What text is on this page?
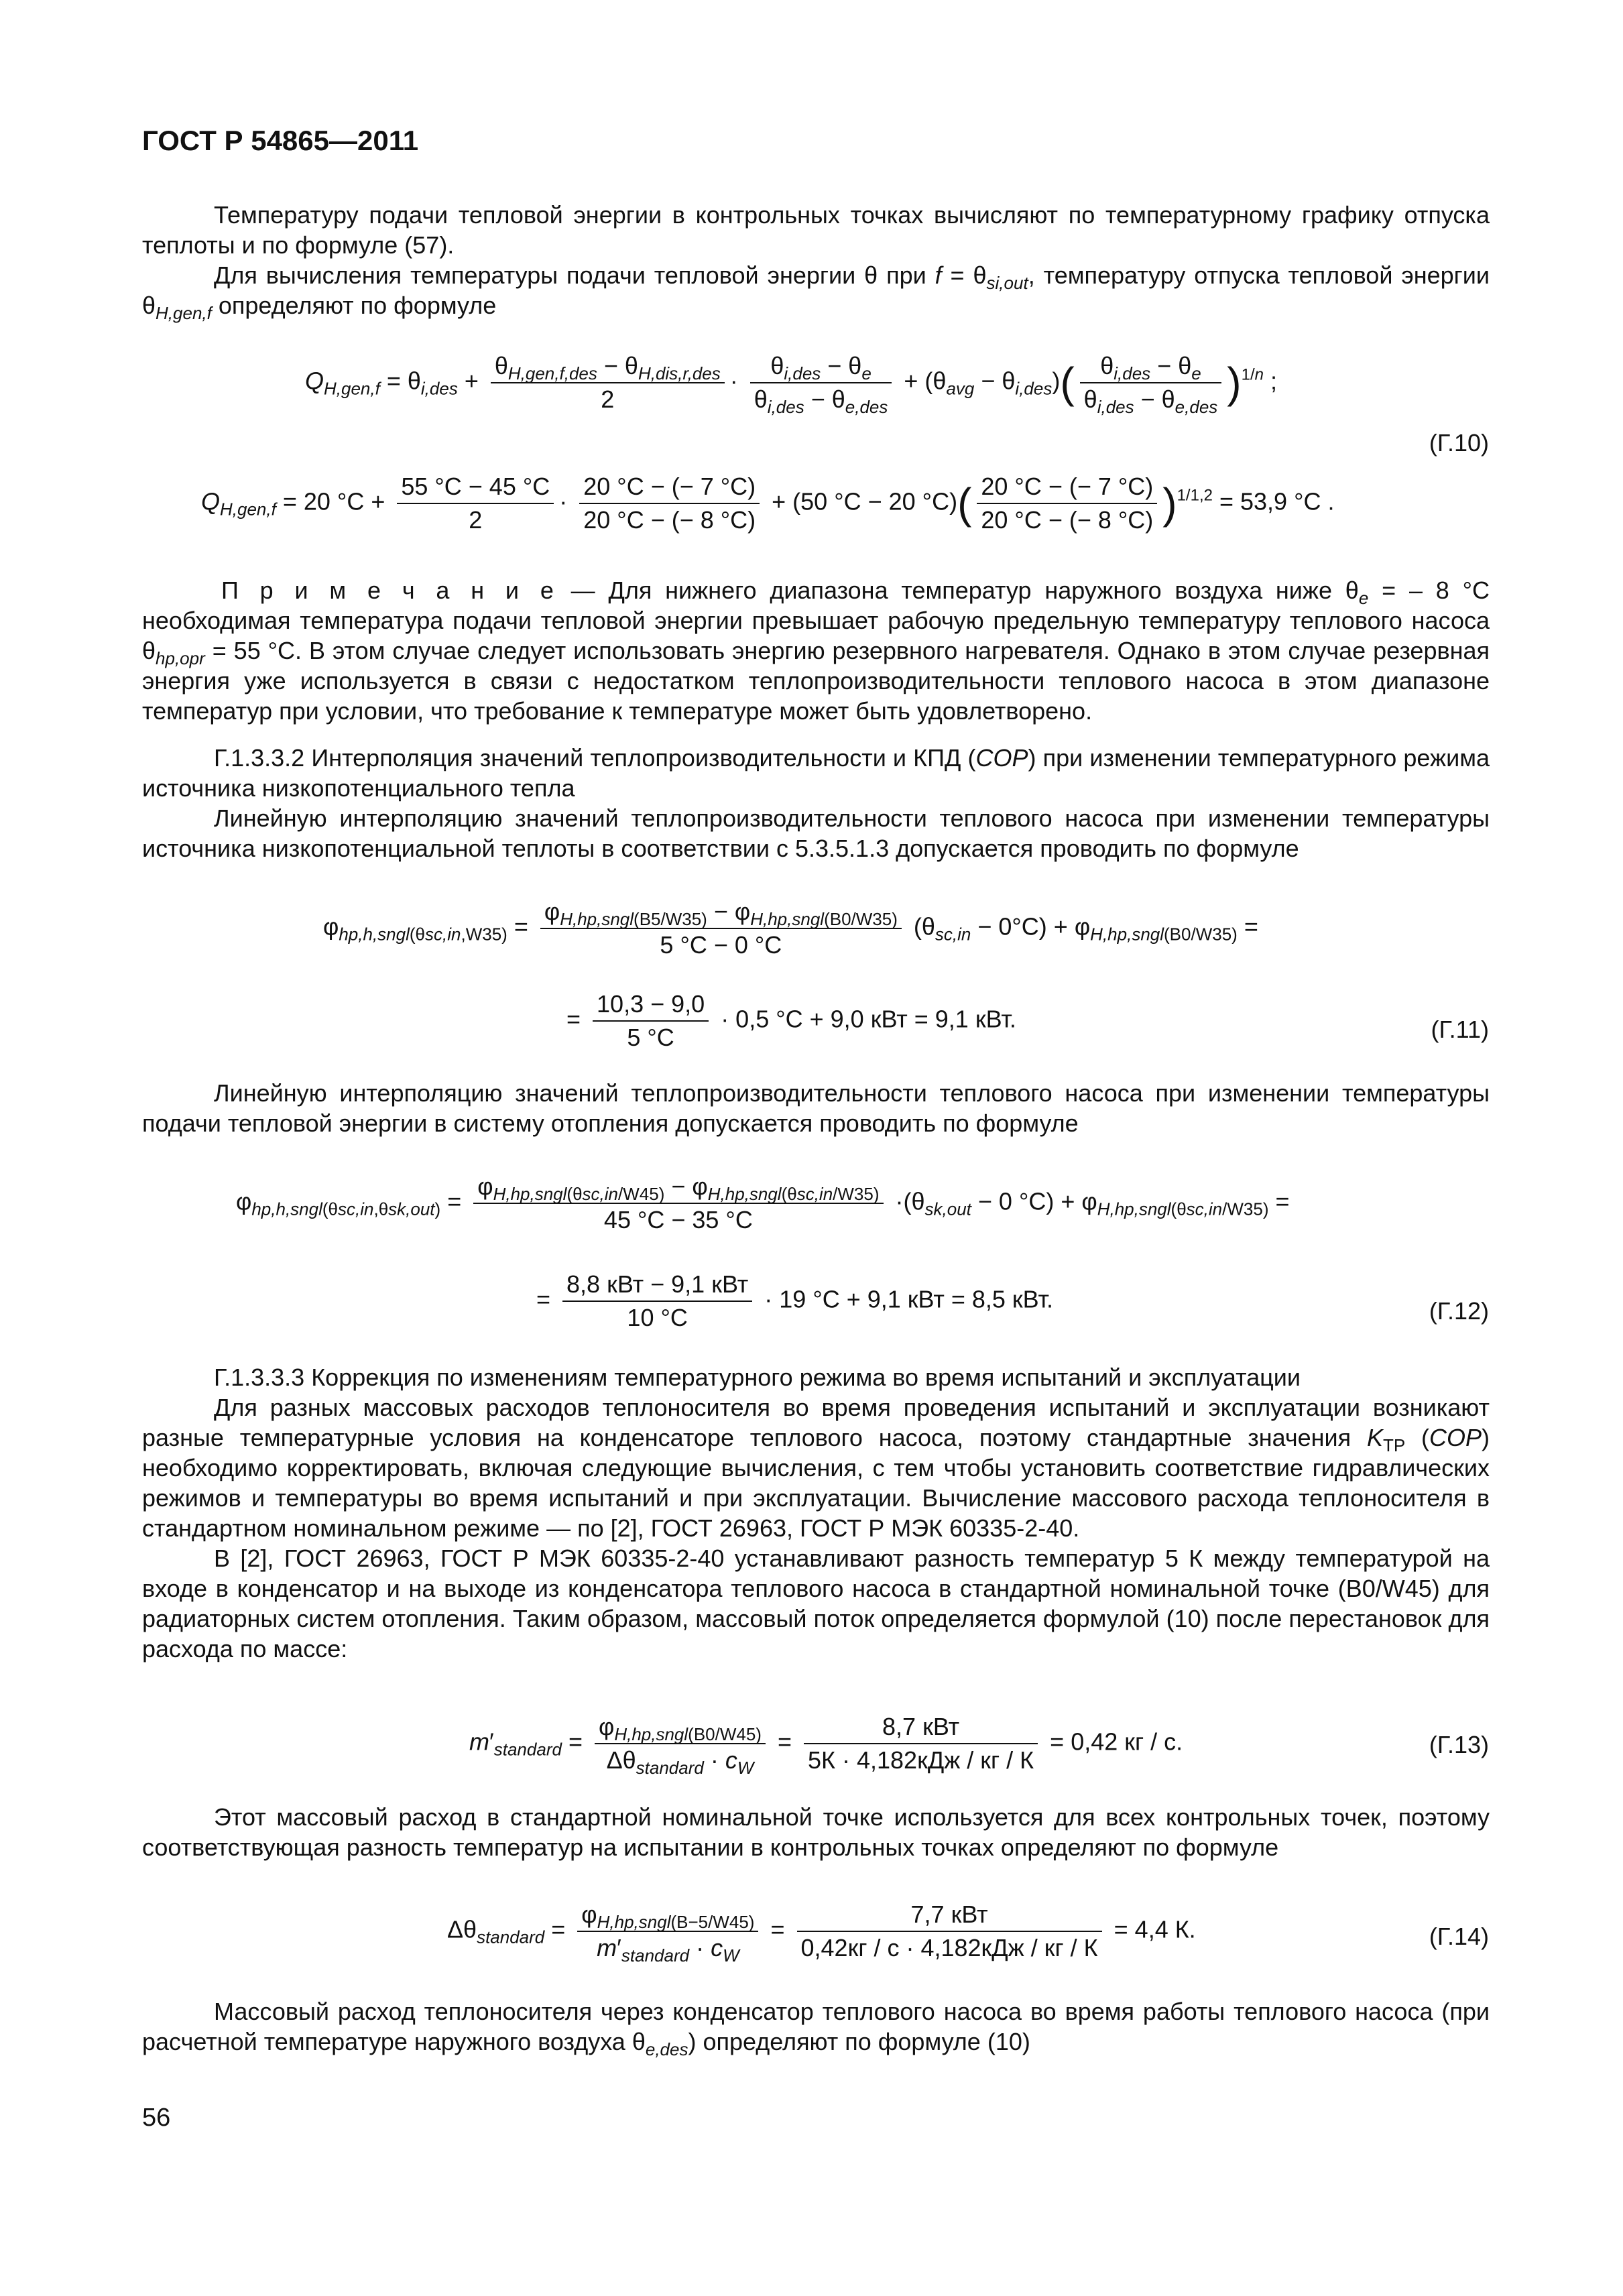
ГОСТ Р 54865—2011

Температуру подачи тепловой энергии в контрольных точках вычисляют по температурному графику отпуска теплоты и по формуле (57).

Для вычисления температуры подачи тепловой энергии θ при $f = \theta_{si,out}$, температуру отпуска тепловой энергии $\theta_{H,gen,f}$ определяют по формуле

$Q_{H,gen,f} = \theta_{i,des}$ +
$\theta_{H,gen,f,des} - \theta_{H,dis,r,des}$
2
·
$\theta_{i,des} - \theta_e$
$\theta_{i,des} - \theta_{e,des}$
+ $(\theta_{avg} - \theta_{i,des})$(	$\theta_{i,des} - \theta_e$
$\theta_{i,des} - \theta_{e,des}$ )$^{1/n}$ ;
(Г.10)
$Q_{H,gen,f} = 20$ $^\circ C + \frac{55 ^\circ C - 45 ^\circ C}{2} \cdot \frac{20 ^\circ C - (- 7 ^\circ C)}{20 ^\circ C - (- 8 ^\circ C)} + (50$ °C − 20 $^\circ C)( \frac{20 ^\circ C - (- 7 ^\circ C)}{20 ^\circ C - (- 8 ^\circ C)} )^{1/1,2} = 53,9$ °C .

П р и м е ч а н и е — Для нижнего диапазона температур наружного воздуха ниже $\theta_e$ = – 8 °С необходимая температура подачи тепловой энергии превышает рабочую предельную температуру теплового насоса $\theta_{hp,opr} = 55$ °С. В этом случае следует использовать энергию резервного нагревателя. Однако в этом случае резервная энергия уже используется в связи с недостатком теплопроизводительности теплового насоса в этом диапазоне температур при условии, что требование к температуре может быть удовлетворено.

Г.1.3.3.2 Интерполяция значений теплопроизводительности и КПД (COP) при изменении температурного режима источника низкопотенциального тепла

Линейную интерполяцию значений теплопроизводительности теплового насоса при изменении температуры источника низкопотенциальной теплоты в соответствии с 5.3.5.1.3 допускается проводить по формуле

$\varphi_{hp,h,sngl(\theta sc,in,W35)}$ =
$\varphi_{H,hp,sngl(B5/W35)} - \varphi_{H,hp,sngl(B0/W35)}$
5 °C − 0 °C
$(\theta_{sc,in} - 0^\circ C) + \varphi_{H,hp,sngl(B0/W35)}$ =
= $\frac{10,3 - 9,0}{5 ^\circ C} \cdot 0,5$ °C + 9,0 кВт = 9,1 кВт.	(Г.11)

Линейную интерполяцию значений теплопроизводительности теплового насоса при изменении температуры подачи тепловой энергии в систему отопления допускается проводить по формуле

$\varphi_{hp,h,sngl(\theta sc,in,\theta sk,out)}$ =
$\varphi_{H,hp,sngl(\theta sc,in/W45)} - \varphi_{H,hp,sngl(\theta sc,in/W35)}$
45 °C − 35 °C
$\cdot(\theta_{sk,out} - 0$ $^\circ C) + \varphi_{H,hp,sngl(\theta sc,in/W35)}$ =
=
8,8 кВт − 9,1 кВт
10 °C
· 19 °C + 9,1 кВт = 8,5 кВт.	(Г.12)

Г.1.3.3.3 Коррекция по изменениям температурного режима во время испытаний и эксплуатации

Для разных массовых расходов теплоносителя во время проведения испытаний и эксплуатации возникают разные температурные условия на конденсаторе теплового насоса, поэтому стандартные значения $K_{TP}$ (COP) необходимо корректировать, включая следующие вычисления, с тем чтобы установить соответствие гидравлических режимов и температуры во время испытаний и при эксплуатации. Вычисление массового расхода теплоносителя в стандартном номинальном режиме — по [2], ГОСТ 26963, ГОСТ Р МЭК 60335-2-40.

В [2], ГОСТ 26963, ГОСТ Р МЭК 60335-2-40 устанавливают разность температур 5 К между температурой на входе в конденсатор и на выходе из конденсатора теплового насоса в стандартной номинальной точке (B0/W45) для радиаторных систем отопления. Таким образом, массовый поток определяется формулой (10) после перестановок для расхода по массе:

$m'_{standard}$ =
$\varphi_{H,hp,sngl(B0/W45)}$
$\Delta\theta_{standard} \cdot c_W$
=
8,7 кВт
5К · 4,182кДж / кг / К
= 0,42 кг / с.	(Г.13)

Этот массовый расход в стандартной номинальной точке используется для всех контрольных точек, поэтому соответствующая разность температур на испытании в контрольных точках определяют по формуле

$\Delta\theta_{standard}$ =
$\varphi_{H,hp,sngl(B-5/W45)}$
$m'_{standard} \cdot c_W$
=
7,7 кВт
0,42кг / с · 4,182кДж / кг / К
= 4,4 К.	(Г.14)

Массовый расход теплоносителя через конденсатор теплового насоса во время работы теплового насоса (при расчетной температуре наружного воздуха $\theta_{e,des}$) определяют по формуле (10)

56
